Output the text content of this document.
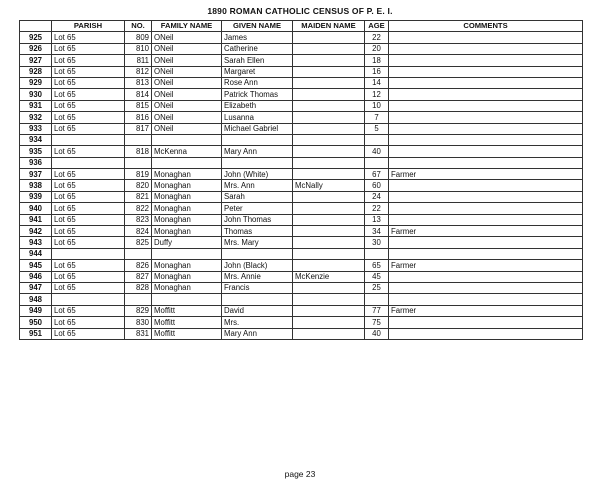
1890 ROMAN CATHOLIC CENSUS OF P. E. I.
	PARISH	NO.	FAMILY NAME	GIVEN NAME	MAIDEN NAME	AGE	COMMENTS
925	Lot 65	809	ONeil	James		22	
926	Lot 65	810	ONeil	Catherine		20	
927	Lot 65	811	ONeil	Sarah Ellen		18	
928	Lot 65	812	ONeil	Margaret		16	
929	Lot 65	813	ONeil	Rose Ann		14	
930	Lot 65	814	ONeil	Patrick Thomas		12	
931	Lot 65	815	ONeil	Elizabeth		10	
932	Lot 65	816	ONeil	Lusanna		7	
933	Lot 65	817	ONeil	Michael Gabriel		5	
934							
935	Lot 65	818	McKenna	Mary Ann		40	
936							
937	Lot 65	819	Monaghan	John (White)		67	Farmer
938	Lot 65	820	Monaghan	Mrs. Ann	McNally	60	
939	Lot 65	821	Monaghan	Sarah		24	
940	Lot 65	822	Monaghan	Peter		22	
941	Lot 65	823	Monaghan	John Thomas		13	
942	Lot 65	824	Monaghan	Thomas		34	Farmer
943	Lot 65	825	Duffy	Mrs. Mary		30	
944							
945	Lot 65	826	Monaghan	John (Black)		65	Farmer
946	Lot 65	827	Monaghan	Mrs. Annie	McKenzie	45	
947	Lot 65	828	Monaghan	Francis		25	
948							
949	Lot 65	829	Moffitt	David		77	Farmer
950	Lot 65	830	Moffitt	Mrs.		75	
951	Lot 65	831	Moffitt	Mary Ann		40	
page 23
